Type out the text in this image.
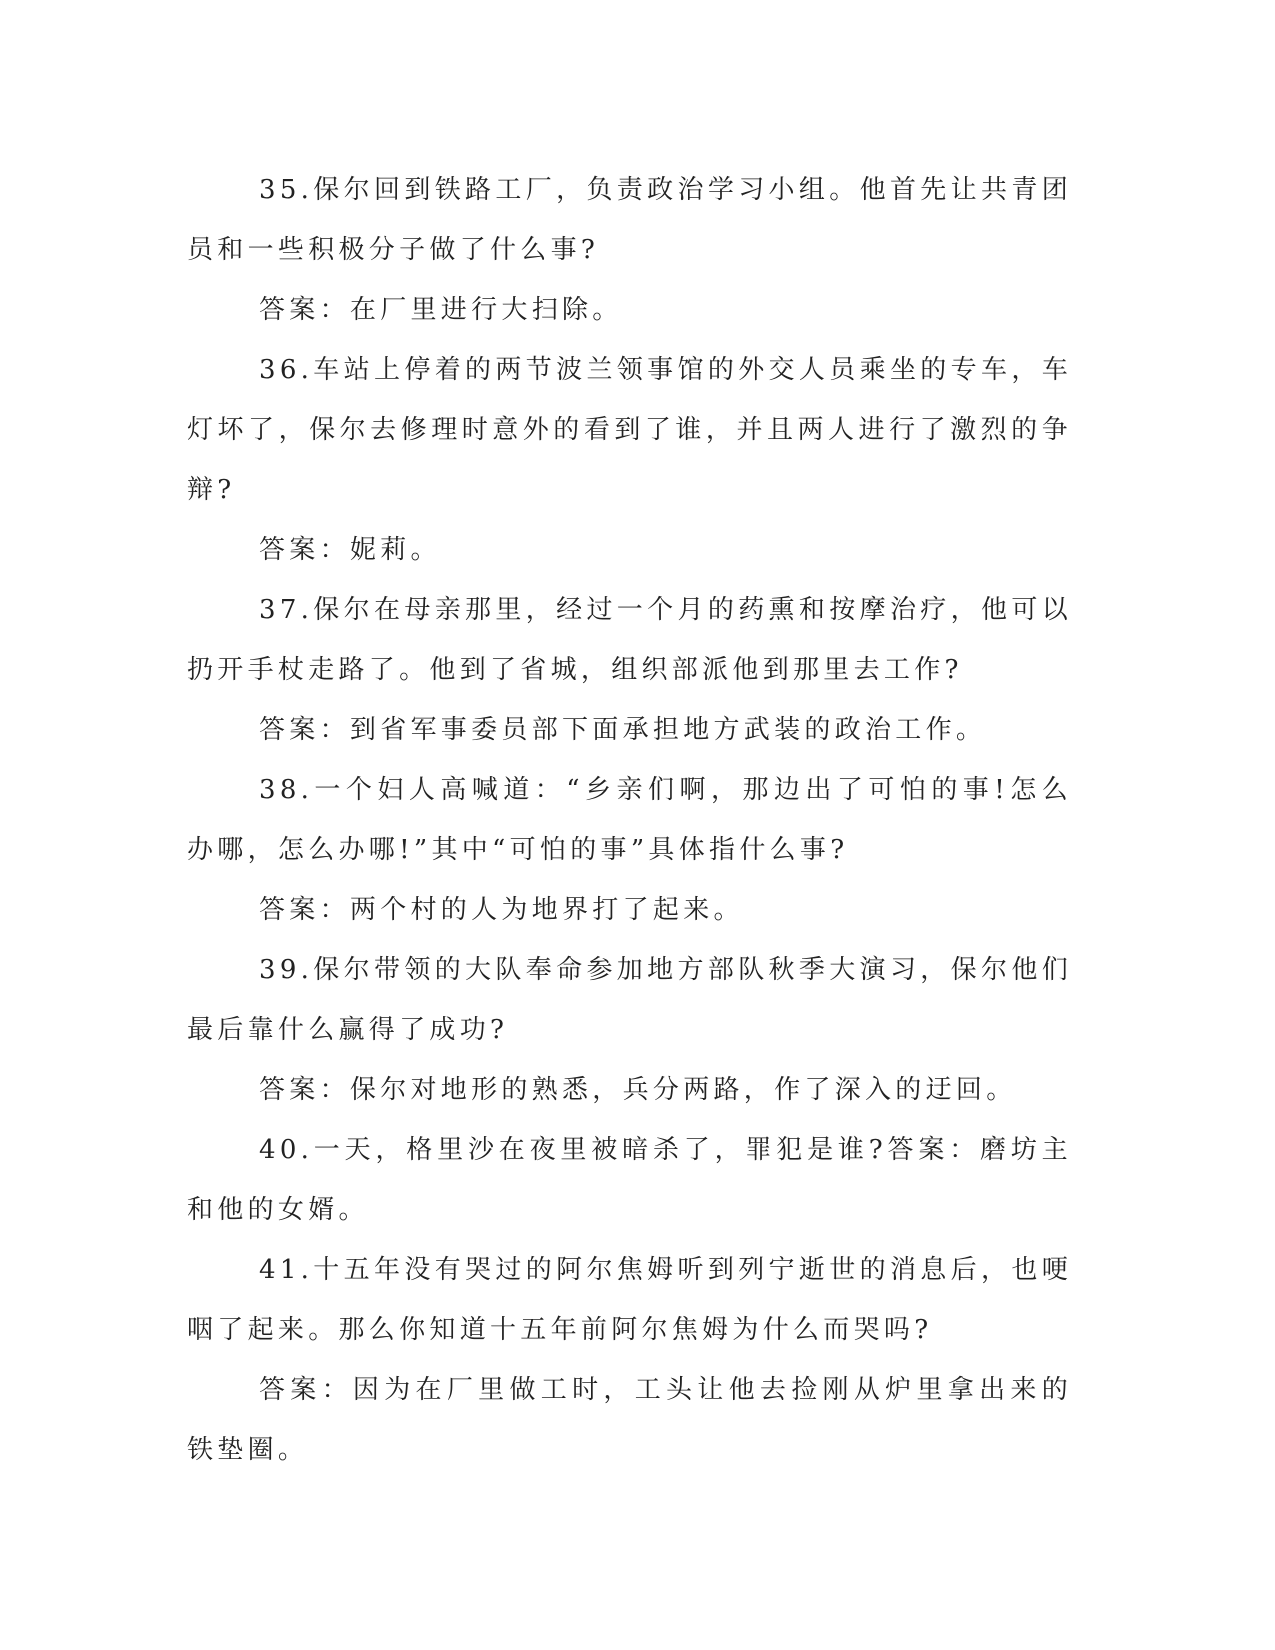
35.保尔回到铁路工厂，负责政治学习小组。他首先让共青团员和一些积极分子做了什么事?

答案：在厂里进行大扫除。

36.车站上停着的两节波兰领事馆的外交人员乘坐的专车，车灯坏了，保尔去修理时意外的看到了谁，并且两人进行了激烈的争辩?

答案：妮莉。

37.保尔在母亲那里，经过一个月的药熏和按摩治疗，他可以扔开手杖走路了。他到了省城，组织部派他到那里去工作?

答案：到省军事委员部下面承担地方武装的政治工作。

38.一个妇人高喊道：“乡亲们啊，那边出了可怕的事!怎么办哪，怎么办哪!”其中“可怕的事”具体指什么事?

答案：两个村的人为地界打了起来。

39.保尔带领的大队奉命参加地方部队秋季大演习，保尔他们最后靠什么赢得了成功?

答案：保尔对地形的熟悉，兵分两路，作了深入的迂回。

40.一天，格里沙在夜里被暗杀了，罪犯是谁?答案：磨坊主和他的女婿。

41.十五年没有哭过的阿尔焦姆听到列宁逝世的消息后，也哽咽了起来。那么你知道十五年前阿尔焦姆为什么而哭吗?

答案：因为在厂里做工时，工头让他去捡刚从炉里拿出来的铁垫圈。
